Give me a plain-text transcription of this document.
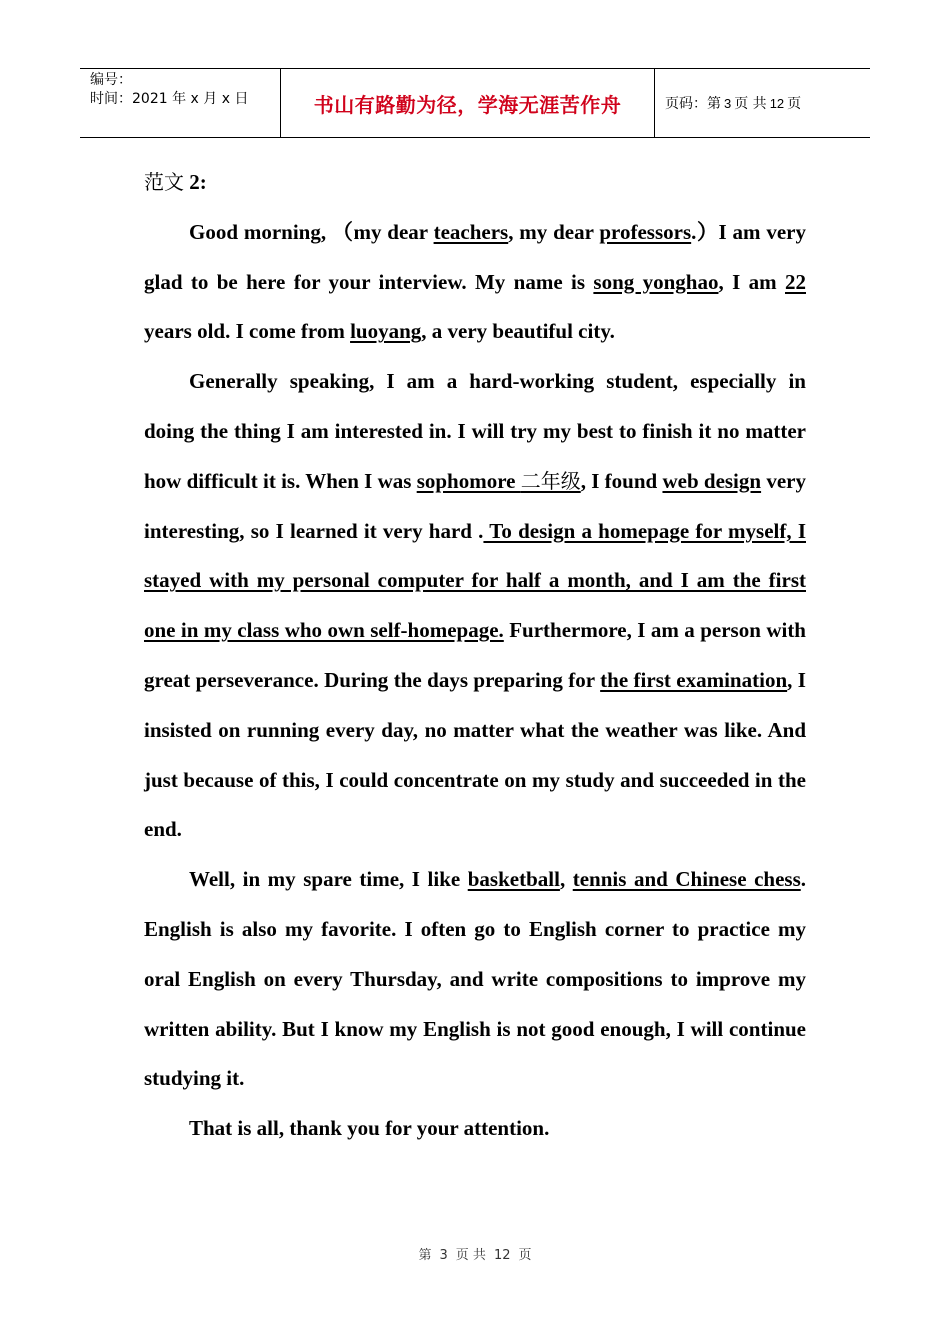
编号：
时间：2021 年 x 月 x 日	书山有路勤为径，学海无涯苦作舟	页码：第 3 页 共 12 页
范文 2:

Good morning, （my dear teachers, my dear professors.）I am very glad to be here for your interview. My name is song yonghao, I am 22 years old. I come from luoyang, a very beautiful city.

Generally speaking, I am a hard-working student, especially in doing the thing I am interested in. I will try my best to finish it no matter how difficult it is. When I was sophomore 二年级, I found web design very interesting, so I learned it very hard . To design a homepage for myself, I stayed with my personal computer for half a month, and I am the first one in my class who own self-homepage. Furthermore, I am a person with great perseverance. During the days preparing for the first examination, I insisted on running every day, no matter what the weather was like. And just because of this, I could concentrate on my study and succeeded in the end.

Well, in my spare time, I like basketball, tennis and Chinese chess. English is also my favorite. I often go to English corner to practice my oral English on every Thursday, and write compositions to improve my written ability. But I know my English is not good enough, I will continue studying it.

That is all, thank you for your attention.

第 3 页 共 12 页
